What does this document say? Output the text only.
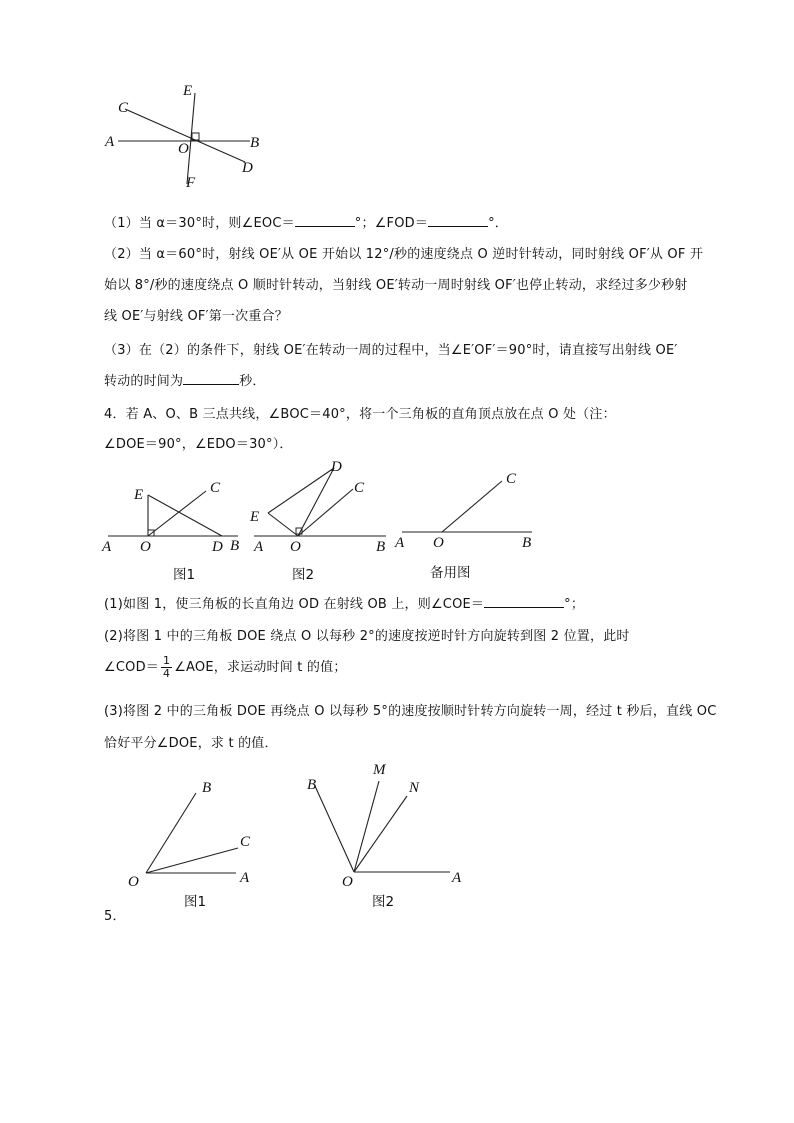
C
E
A	O	B
D
F
（1）当 α＝30°时，则∠EOC＝	°；∠FOD＝	°．
（2）当 α＝60°时，射线 OE′从 OE 开始以 12°/秒的速度绕点 O 逆时针转动，同时射线 OF′从 OF 开
始以 8°/秒的速度绕点 O 顺时针转动，当射线 OE′转动一周时射线 OF′也停止转动，求经过多少秒射
线 OE′与射线 OF′第一次重合？
（3）在（2）的条件下，射线 OE′在转动一周的过程中，当∠E′OF′＝90°时，请直接写出射线 OE′
转动的时间为	秒．
4．若 A、O、B 三点共线，∠BOC＝40°，将一个三角板的直角顶点放在点 O 处（注：
∠DOE＝90°，∠EDO＝30°）．
E	C
A O	D B
图1
D
C
E
A O	B
图2
C
A O	B
备用图
(1)如图 1，使三角板的长直角边 OD 在射线 OB 上，则∠COE＝	°；
(2)将图 1 中的三角板 DOE 绕点 O 以每秒 2°的速度按逆时针方向旋转到图 2 位置，此时
∠COD＝ $\frac{1}{4}$ ∠AOE，求运动时间 t 的值；
(3)将图 2 中的三角板 DOE 再绕点 O 以每秒 5°的速度按顺时针转方向旋转一周，经过 t 秒后，直线 OC
恰好平分∠DOE，求 t 的值．
B
C
O	A
图1
B
M
N
O	A
图2
5．
